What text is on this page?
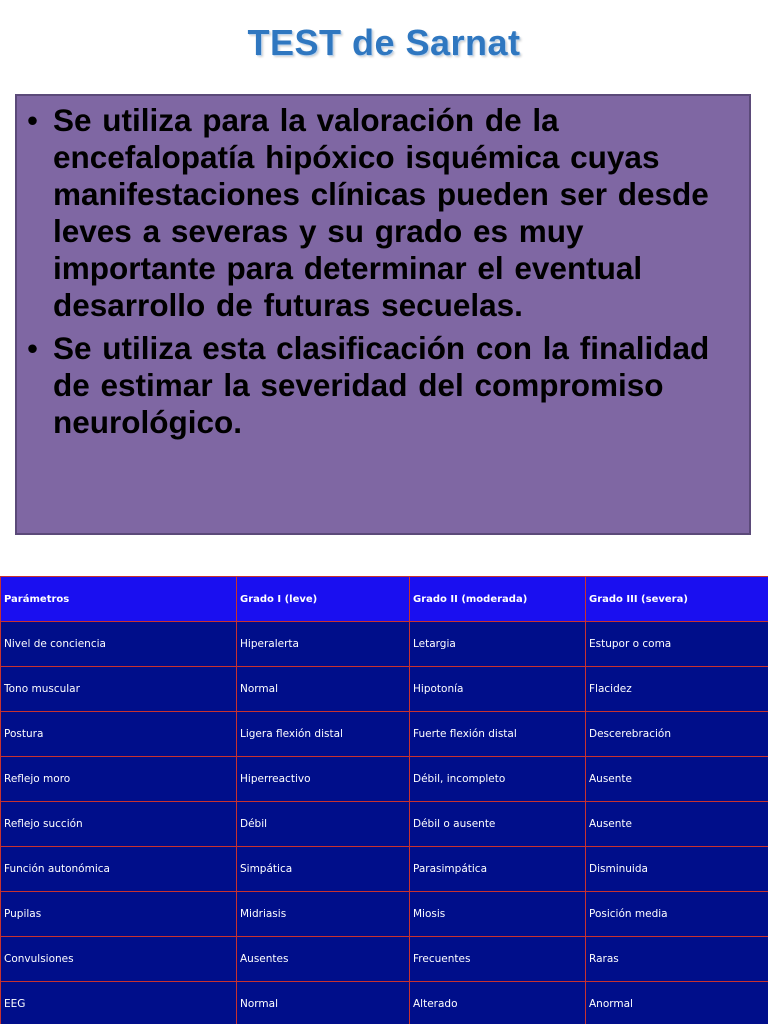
TEST de Sarnat
• Se utiliza para la valoración de la encefalopatía hipóxico isquémica cuyas manifestaciones clínicas pueden ser desde leves a severas y su grado es muy importante para determinar el eventual desarrollo de futuras secuelas.
• Se utiliza esta clasificación con la finalidad de estimar la severidad del compromiso neurológico.
Parámetros	Grado I (leve)	Grado II (moderada)	Grado III (severa)
Nivel de conciencia	Hiperalerta	Letargia	Estupor o coma
Tono muscular	Normal	Hipotonía	Flacidez
Postura	Ligera flexión distal	Fuerte flexión distal	Descerebración
Reflejo moro	Hiperreactivo	Débil, incompleto	Ausente
Reflejo succión	Débil	Débil o ausente	Ausente
Función autonómica	Simpática	Parasimpática	Disminuida
Pupilas	Midriasis	Miosis	Posición media
Convulsiones	Ausentes	Frecuentes	Raras
EEG	Normal	Alterado	Anormal
